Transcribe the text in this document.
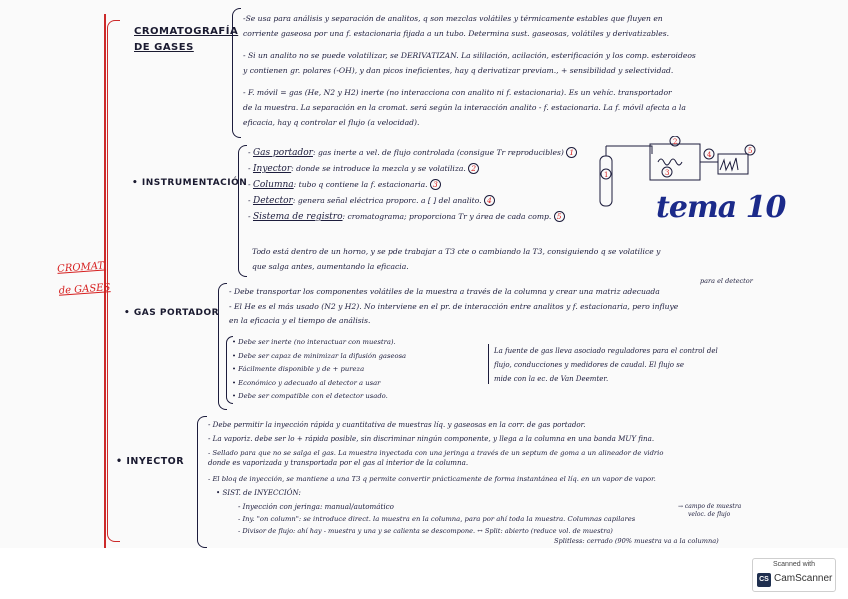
CROMAT.
de GASES
CROMATOGRAFÍA
DE GASES
-Se usa para análisis y separación de analitos, q son mezclas volátiles y térmicamente estables que fluyen en
corriente gaseosa por una f. estacionaria fijada a un tubo. Determina sust. gaseosas, volátiles y derivatizables.
- Si un analito no se puede volatilizar, se DERIVATIZAN. La sililación, acilación, esterificación y los comp. esteroideos
y contienen gr. polares (-OH), y dan picos ineficientes, hay q derivatizar previam., + sensibilidad y selectividad.
- F. móvil = gas (He, N2 y H2) inerte (no interacciona con analito ni f. estacionaria). Es un vehíc. transportador
de la muestra. La separación en la cromat. será según la interacción analito - f. estacionaria. La f. móvil afecta a la
eficacia, hay q controlar el flujo (a velocidad).
• INSTRUMENTACIÓN
- Gas portador: gas inerte a vel. de flujo controlada (consigue Tr reproducibles) 1
- Inyector: donde se introduce la mezcla y se volatiliza. 2
- Columna: tubo q contiene la f. estacionaria. 3
- Detector: genera señal eléctrica proporc. a [ ] del analito. 4
- Sistema de registro: cromatograma; proporciona Tr y área de cada comp. 5
1
2
3
4	5
tema 10
Todo está dentro de un horno, y se pde trabajar a T3 cte o cambiando la T3, consiguiendo q se volatilice y
que salga antes, aumentando la eficacia.
• GAS PORTADOR
para el detector
- Debe transportar los componentes volátiles de la muestra a través de la columna y crear una matriz adecuada
- El He es el más usado (N2 y H2). No interviene en el pr. de interacción entre analitos y f. estacionaria, pero influye
en la eficacia y el tiempo de análisis.
• Debe ser inerte (no interactuar con muestra).
• Debe ser capaz de minimizar la difusión gaseosa
• Fácilmente disponible y de + pureza
• Económico y adecuado al detector a usar
• Debe ser compatible con el detector usado.
La fuente de gas lleva asociado reguladores para el control del
flujo, conducciones y medidores de caudal. El flujo se
mide con la ec. de Van Deemter.
• INYECTOR
- Debe permitir la inyección rápida y cuantitativa de muestras líq. y gaseosas en la corr. de gas portador.
- La vaporiz. debe ser lo + rápida posible, sin discriminar ningún componente, y llega a la columna en una banda MUY fina.
- Sellado para que no se salga el gas. La muestra inyectada con una jeringa a través de un septum de goma a un alineador de vidrio
donde es vaporizada y transportada por el gas al interior de la columna.
- El bloq de inyección, se mantiene a una T3 q permite convertir prácticamente de forma instantánea el líq. en un vapor de vapor.
• SIST. de INYECCIÓN:
- Inyección con jeringa: manual/automático
- Iny. "on column": se introduce direct. la muestra en la columna, para por ahí toda la muestra. Columnas capilares
- Divisor de flujo: ahí hay - muestra y una y se calienta se descompone. ↔ Split: abierto (reduce vol. de muestra)
Splitless: cerrado (90% muestra va a la columna)
→ campo de muestra
veloc. de flujo
Scanned with
CS CamScanner
